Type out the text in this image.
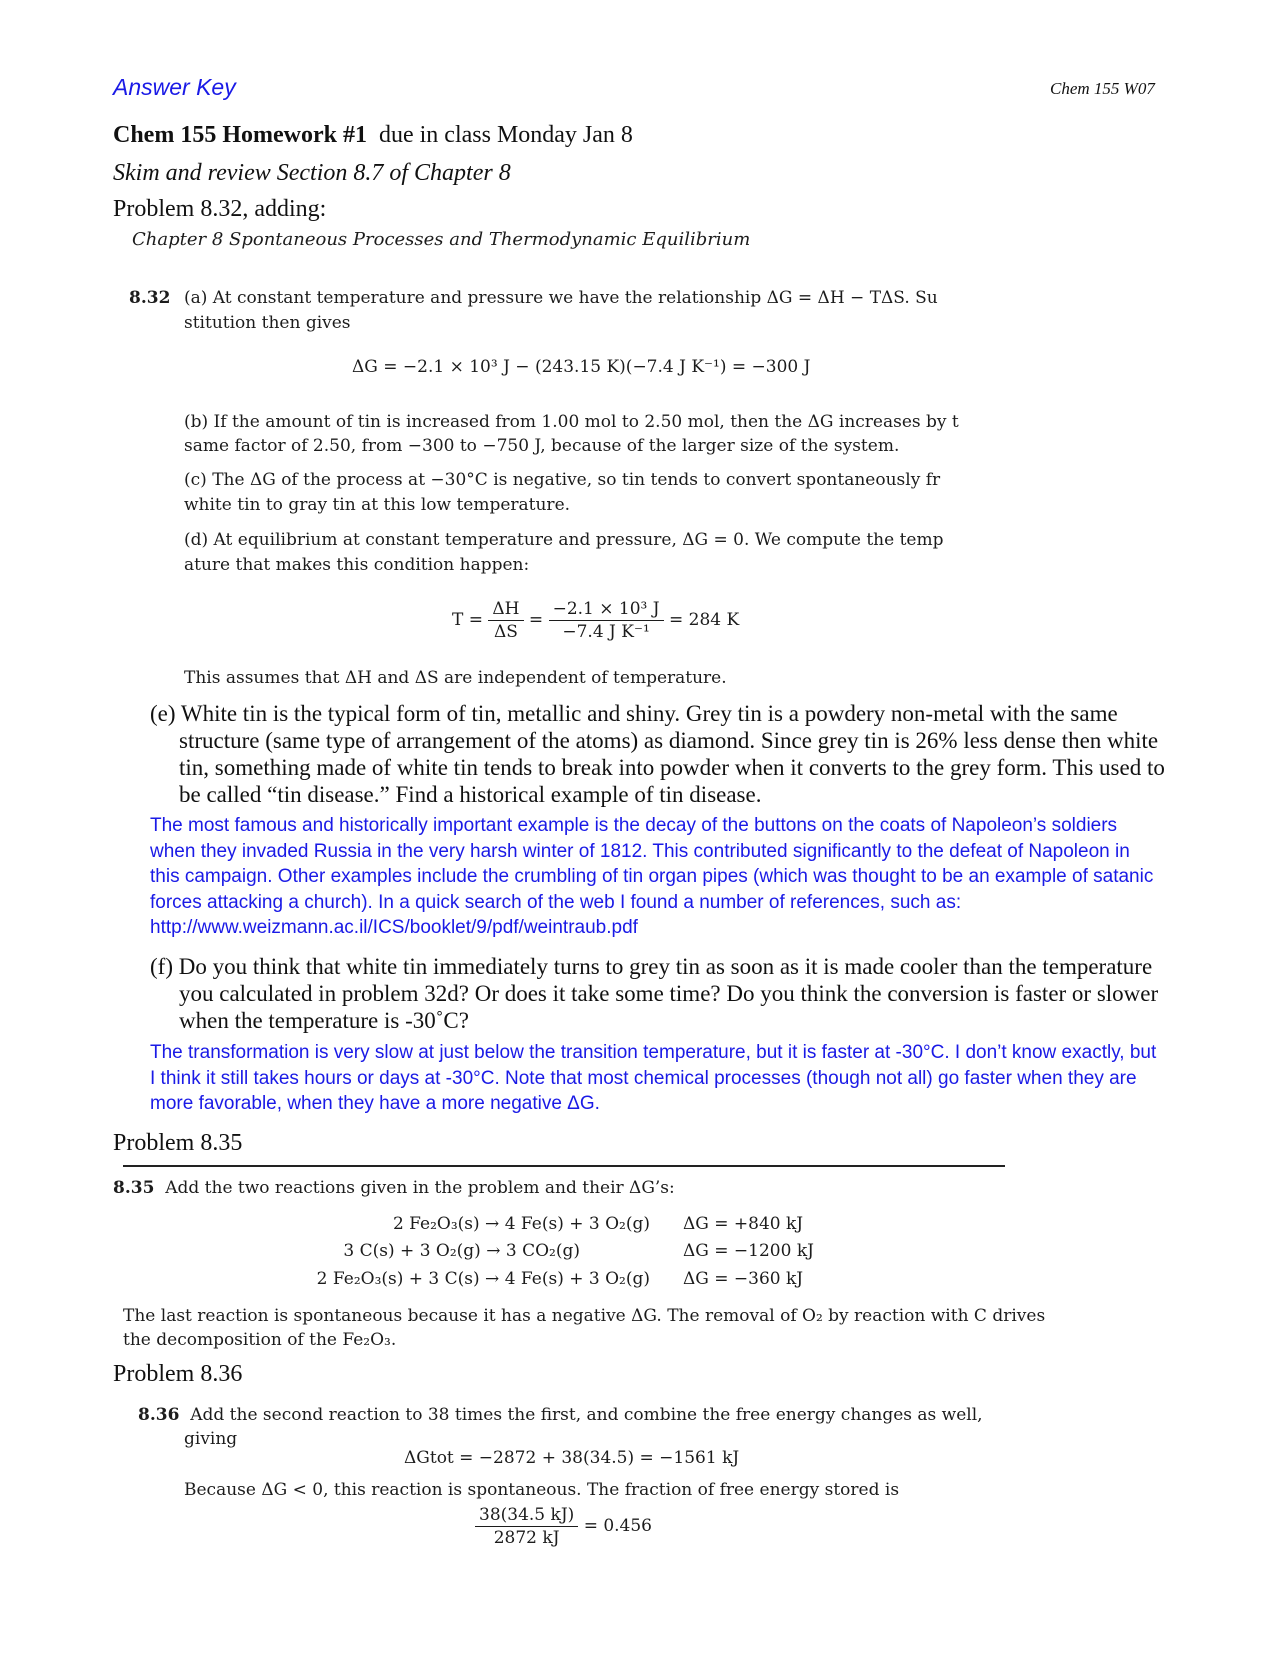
Answer Key	Chem 155 W07
Chem 155 Homework #1 due in class Monday Jan 8
Skim and review Section 8.7 of Chapter 8
Problem 8.32, adding:
Chapter 8 Spontaneous Processes and Thermodynamic Equilibrium
8.32 (a) At constant temperature and pressure we have the relationship ΔG = ΔH − TΔS. Su
stitution then gives
ΔG = −2.1 × 10³ J − (243.15 K)(−7.4 J K⁻¹) = −300 J
(b) If the amount of tin is increased from 1.00 mol to 2.50 mol, then the ΔG increases by t
same factor of 2.50, from −300 to −750 J, because of the larger size of the system.
(c) The ΔG of the process at −30°C is negative, so tin tends to convert spontaneously fr
white tin to gray tin at this low temperature.
(d) At equilibrium at constant temperature and pressure, ΔG = 0. We compute the temp
ature that makes this condition happen:
$T = \frac{\Delta H}{\Delta S} = \frac{\text{−2.1 × 10³ J}}{\text{−7.4 J K⁻¹}} = 284$ K
This assumes that ΔH and ΔS are independent of temperature.
(e) White tin is the typical form of tin, metallic and shiny. Grey tin is a powdery non-metal with the same structure (same type of arrangement of the atoms) as diamond. Since grey tin is 26% less dense then white tin, something made of white tin tends to break into powder when it converts to the grey form. This used to be called “tin disease.” Find a historical example of tin disease.
The most famous and historically important example is the decay of the buttons on the coats of Napoleon’s soldiers when they invaded Russia in the very harsh winter of 1812. This contributed significantly to the defeat of Napoleon in this campaign. Other examples include the crumbling of tin organ pipes (which was thought to be an example of satanic forces attacking a church). In a quick search of the web I found a number of references, such as: http://www.weizmann.ac.il/ICS/booklet/9/pdf/weintraub.pdf
(f) Do you think that white tin immediately turns to grey tin as soon as it is made cooler than the temperature you calculated in problem 32d? Or does it take some time? Do you think the conversion is faster or slower when the temperature is -30˚C?
The transformation is very slow at just below the transition temperature, but it is faster at -30°C. I don’t know exactly, but I think it still takes hours or days at -30°C. Note that most chemical processes (though not all) go faster when they are more favorable, when they have a more negative ΔG.
Problem 8.35
8.35 Add the two reactions given in the problem and their ΔG’s:
2 Fe₂O₃(s) → 4 Fe(s) + 3 O₂(g) ΔG = +840 kJ
3 C(s) + 3 O₂(g) → 3 CO₂(g)	ΔG = −1200 kJ
2 Fe₂O₃(s) + 3 C(s) → 4 Fe(s) + 3 O₂(g) ΔG = −360 kJ
The last reaction is spontaneous because it has a negative ΔG. The removal of O₂ by reaction with C drives
the decomposition of the Fe₂O₃.
Problem 8.36
8.36 Add the second reaction to 38 times the first, and combine the free energy changes as well,
giving
ΔGtot = −2872 + 38(34.5) = −1561 kJ
Because ΔG < 0, this reaction is spontaneous. The fraction of free energy stored is
$\frac{38(34.5 kJ)}{2872 kJ} = 0.456$
